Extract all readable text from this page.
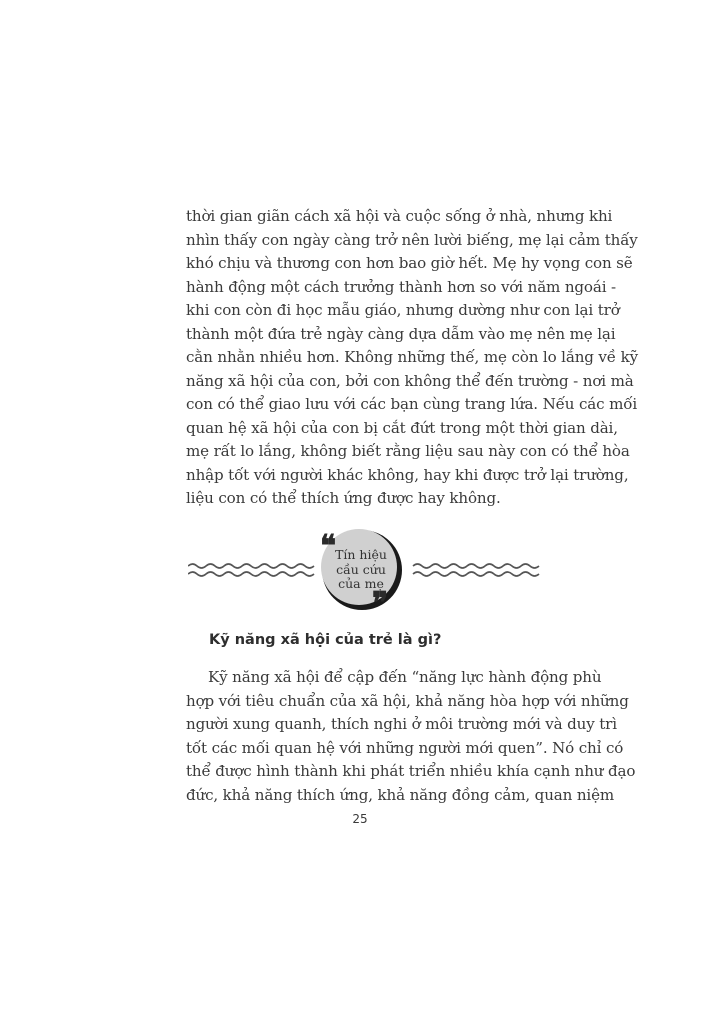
thời gian giãn cách xã hội và cuộc sống ở nhà, nhưng khi
nhìn thấy con ngày càng trở nên lười biếng, mẹ lại cảm thấy
khó chịu và thương con hơn bao giờ hết. Mẹ hy vọng con sẽ
hành động một cách trưởng thành hơn so với năm ngoái -
khi con còn đi học mẫu giáo, nhưng dường như con lại trở
thành một đứa trẻ ngày càng dựa dẫm vào mẹ nên mẹ lại
cằn nhằn nhiều hơn. Không những thế, mẹ còn lo lắng về kỹ
năng xã hội của con, bởi con không thể đến trường - nơi mà
con có thể giao lưu với các bạn cùng trang lứa. Nếu các mối
quan hệ xã hội của con bị cắt đứt trong một thời gian dài,
mẹ rất lo lắng, không biết rằng liệu sau này con có thể hòa
nhập tốt với người khác không, hay khi được trở lại trường,
liệu con có thể thích ứng được hay không.
❝
❞
Tín hiệu
cầu cứu
của mẹ
Kỹ năng xã hội của trẻ là gì?
Kỹ năng xã hội để cập đến “năng lực hành động phù
hợp với tiêu chuẩn của xã hội, khả năng hòa hợp với những
người xung quanh, thích nghi ở môi trường mới và duy trì
tốt các mối quan hệ với những người mới quen”. Nó chỉ có
thể được hình thành khi phát triển nhiều khía cạnh như đạo
đức, khả năng thích ứng, khả năng đồng cảm, quan niệm
25
